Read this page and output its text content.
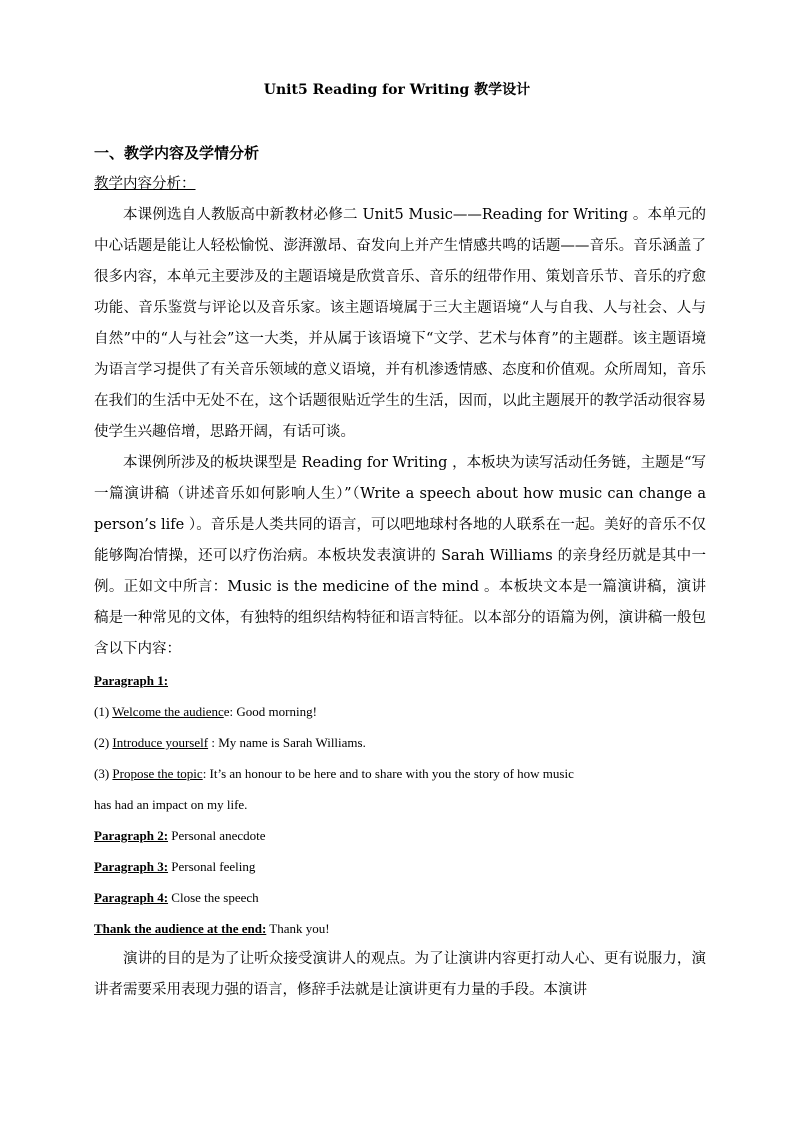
Unit5 Reading for Writing 教学设计
一、教学内容及学情分析
教学内容分析：

本课例选自人教版高中新教材必修二 Unit5 Music——Reading for Writing 。本单元的中心话题是能让人轻松愉悦、澎湃激昂、奋发向上并产生情感共鸣的话题——音乐。音乐涵盖了很多内容，本单元主要涉及的主题语境是欣赏音乐、音乐的纽带作用、策划音乐节、音乐的疗愈功能、音乐鉴赏与评论以及音乐家。该主题语境属于三大主题语境“人与自我、人与社会、人与自然”中的“人与社会”这一大类，并从属于该语境下“文学、艺术与体育”的主题群。该主题语境为语言学习提供了有关音乐领域的意义语境，并有机渗透情感、态度和价值观。众所周知，音乐在我们的生活中无处不在，这个话题很贴近学生的生活，因而，以此主题展开的教学活动很容易使学生兴趣倍增，思路开阔，有话可谈。

本课例所涉及的板块课型是 Reading for Writing ，本板块为读写活动任务链，主题是“写一篇演讲稿（讲述音乐如何影响人生）”（Write a speech about how music can change a person’s life ）。音乐是人类共同的语言，可以吧地球村各地的人联系在一起。美好的音乐不仅能够陶冶情操，还可以疗伤治病。本板块发表演讲的 Sarah Williams 的亲身经历就是其中一例。正如文中所言：Music is the medicine of the mind 。本板块文本是一篇演讲稿，演讲稿是一种常见的文体，有独特的组织结构特征和语言特征。以本部分的语篇为例，演讲稿一般包含以下内容：

Paragraph 1:
(1) Welcome the audience: Good morning!
(2) Introduce yourself : My name is Sarah Williams.
(3) Propose the topic: It’s an honour to be here and to share with you the story of how music
has had an impact on my life.
Paragraph 2: Personal anecdote
Paragraph 3: Personal feeling
Paragraph 4: Close the speech
Thank the audience at the end: Thank you!

演讲的目的是为了让听众接受演讲人的观点。为了让演讲内容更打动人心、更有说服力，演讲者需要采用表现力强的语言，修辞手法就是让演讲更有力量的手段。本演讲
